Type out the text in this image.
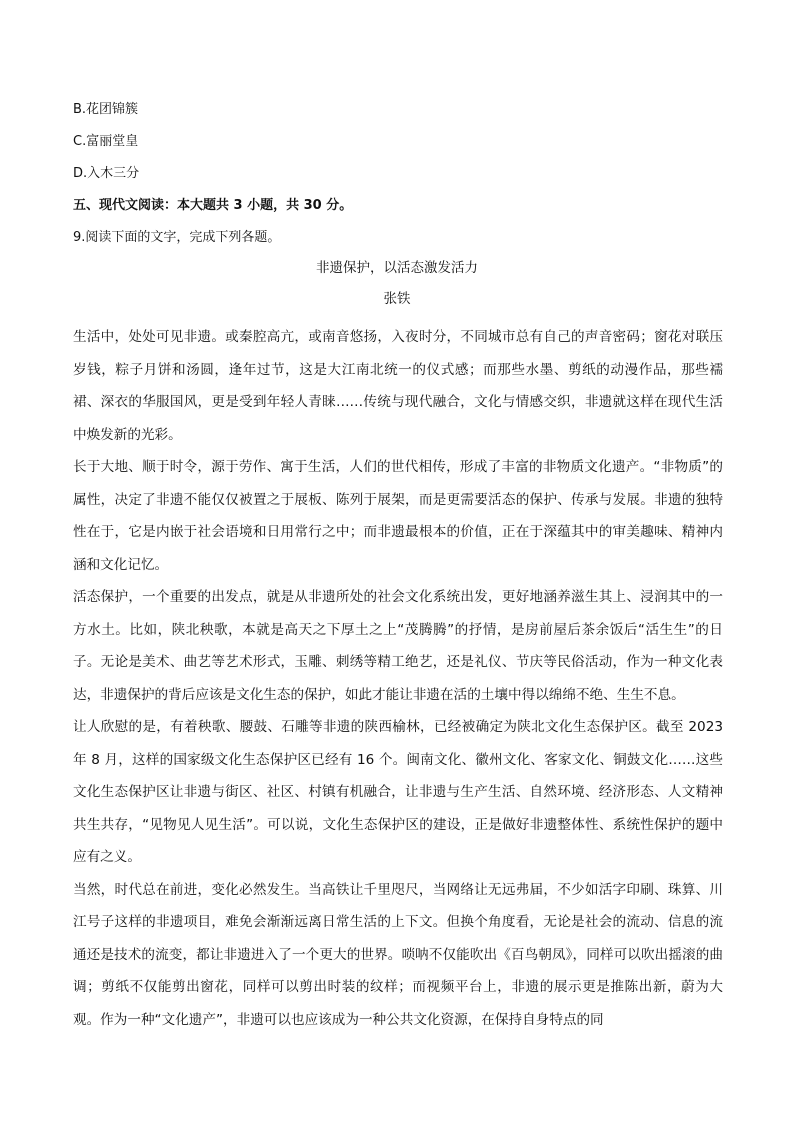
B.花团锦簇
C.富丽堂皇
D.入木三分
五、现代文阅读：本大题共 3 小题，共 30 分。
9.阅读下面的文字，完成下列各题。
非遗保护，以活态激发活力
张铁

生活中，处处可见非遗。或秦腔高亢，或南音悠扬，入夜时分，不同城市总有自己的声音密码；窗花对联压岁钱，粽子月饼和汤圆，逢年过节，这是大江南北统一的仪式感；而那些水墨、剪纸的动漫作品，那些襦裙、深衣的华服国风，更是受到年轻人青睐……传统与现代融合，文化与情感交织，非遗就这样在现代生活中焕发新的光彩。

长于大地、顺于时令，源于劳作、寓于生活，人们的世代相传，形成了丰富的非物质文化遗产。“非物质”的属性，决定了非遗不能仅仅被置之于展板、陈列于展架，而是更需要活态的保护、传承与发展。非遗的独特性在于，它是内嵌于社会语境和日用常行之中；而非遗最根本的价值，正在于深蕴其中的审美趣味、精神内涵和文化记忆。

活态保护，一个重要的出发点，就是从非遗所处的社会文化系统出发，更好地涵养滋生其上、浸润其中的一方水土。比如，陕北秧歌，本就是高天之下厚土之上“茂腾腾”的抒情，是房前屋后茶余饭后“活生生”的日子。无论是美术、曲艺等艺术形式，玉雕、刺绣等精工绝艺，还是礼仪、节庆等民俗活动，作为一种文化表达，非遗保护的背后应该是文化生态的保护，如此才能让非遗在活的土壤中得以绵绵不绝、生生不息。

让人欣慰的是，有着秧歌、腰鼓、石雕等非遗的陕西榆林，已经被确定为陕北文化生态保护区。截至 2023 年 8 月，这样的国家级文化生态保护区已经有 16 个。闽南文化、徽州文化、客家文化、铜鼓文化……这些文化生态保护区让非遗与街区、社区、村镇有机融合，让非遗与生产生活、自然环境、经济形态、人文精神共生共存，“见物见人见生活”。可以说，文化生态保护区的建设，正是做好非遗整体性、系统性保护的题中应有之义。

当然，时代总在前进，变化必然发生。当高铁让千里咫尺，当网络让无远弗届，不少如活字印刷、珠算、川江号子这样的非遗项目，难免会渐渐远离日常生活的上下文。但换个角度看，无论是社会的流动、信息的流通还是技术的流变，都让非遗进入了一个更大的世界。唢呐不仅能吹出《百鸟朝凤》，同样可以吹出摇滚的曲调；剪纸不仅能剪出窗花，同样可以剪出时装的纹样；而视频平台上，非遗的展示更是推陈出新，蔚为大观。作为一种“文化遗产”，非遗可以也应该成为一种公共文化资源，在保持自身特点的同
